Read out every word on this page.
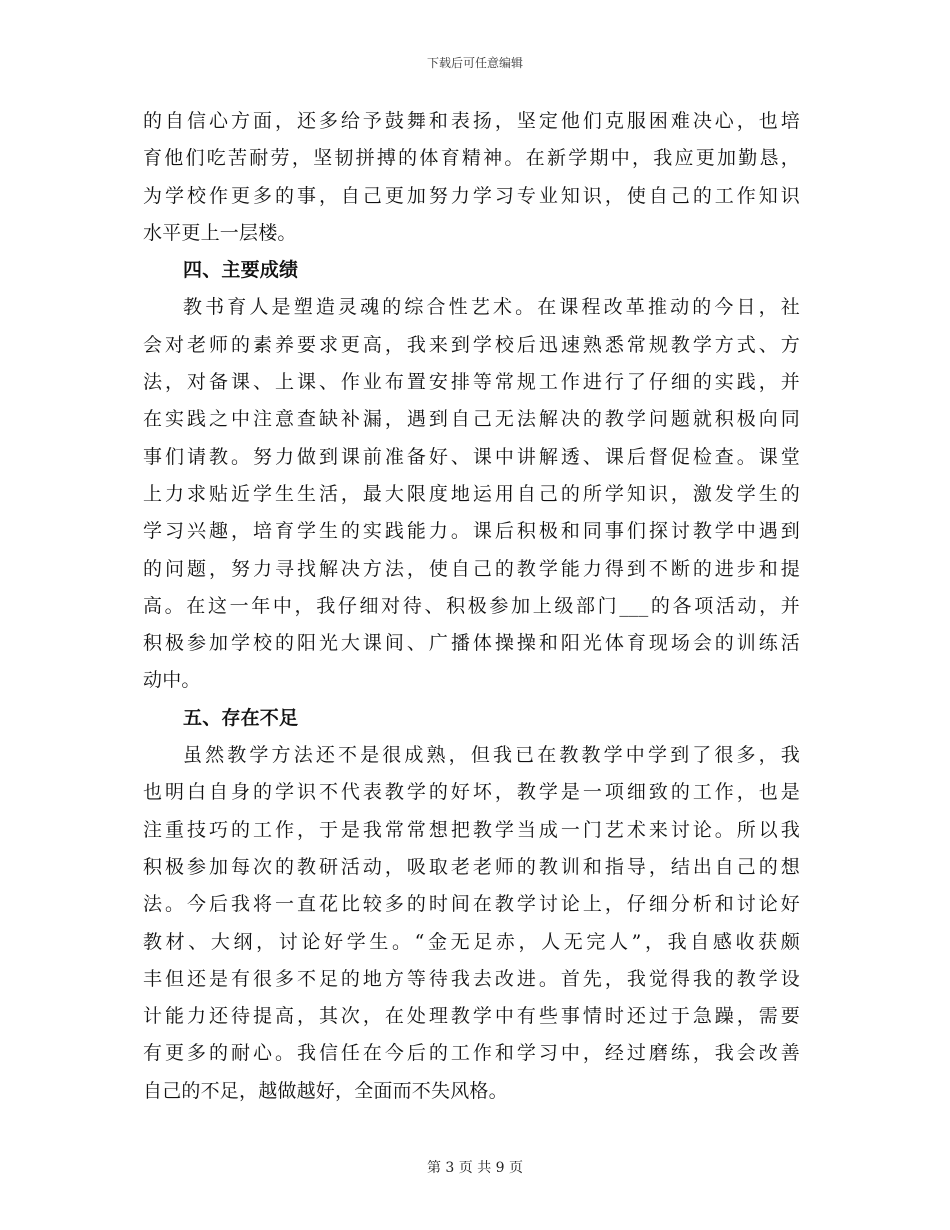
下载后可任意编辑
的自信心方面，还多给予鼓舞和表扬，坚定他们克服困难决心，也培
育他们吃苦耐劳，坚韧拼搏的体育精神。在新学期中，我应更加勤恳，
为学校作更多的事，自己更加努力学习专业知识，使自己的工作知识
水平更上一层楼。
四、主要成绩
教书育人是塑造灵魂的综合性艺术。在课程改革推动的今日，社
会对老师的素养要求更高，我来到学校后迅速熟悉常规教学方式、方
法，对备课、上课、作业布置安排等常规工作进行了仔细的实践，并
在实践之中注意查缺补漏，遇到自己无法解决的教学问题就积极向同
事们请教。努力做到课前准备好、课中讲解透、课后督促检查。课堂
上力求贴近学生生活，最大限度地运用自己的所学知识，激发学生的
学习兴趣，培育学生的实践能力。课后积极和同事们探讨教学中遇到
的问题，努力寻找解决方法，使自己的教学能力得到不断的进步和提
高。在这一年中，我仔细对待、积极参加上级部门___的各项活动，并
积极参加学校的阳光大课间、广播体操操和阳光体育现场会的训练活
动中。
五、存在不足
虽然教学方法还不是很成熟，但我已在教教学中学到了很多，我
也明白自身的学识不代表教学的好坏，教学是一项细致的工作，也是
注重技巧的工作，于是我常常想把教学当成一门艺术来讨论。所以我
积极参加每次的教研活动，吸取老老师的教训和指导，结出自己的想
法。今后我将一直花比较多的时间在教学讨论上，仔细分析和讨论好
教材、大纲，讨论好学生。“金无足赤，人无完人”，我自感收获颇
丰但还是有很多不足的地方等待我去改进。首先，我觉得我的教学设
计能力还待提高，其次，在处理教学中有些事情时还过于急躁，需要
有更多的耐心。我信任在今后的工作和学习中，经过磨练，我会改善
自己的不足，越做越好，全面而不失风格。
第 3 页 共 9 页
